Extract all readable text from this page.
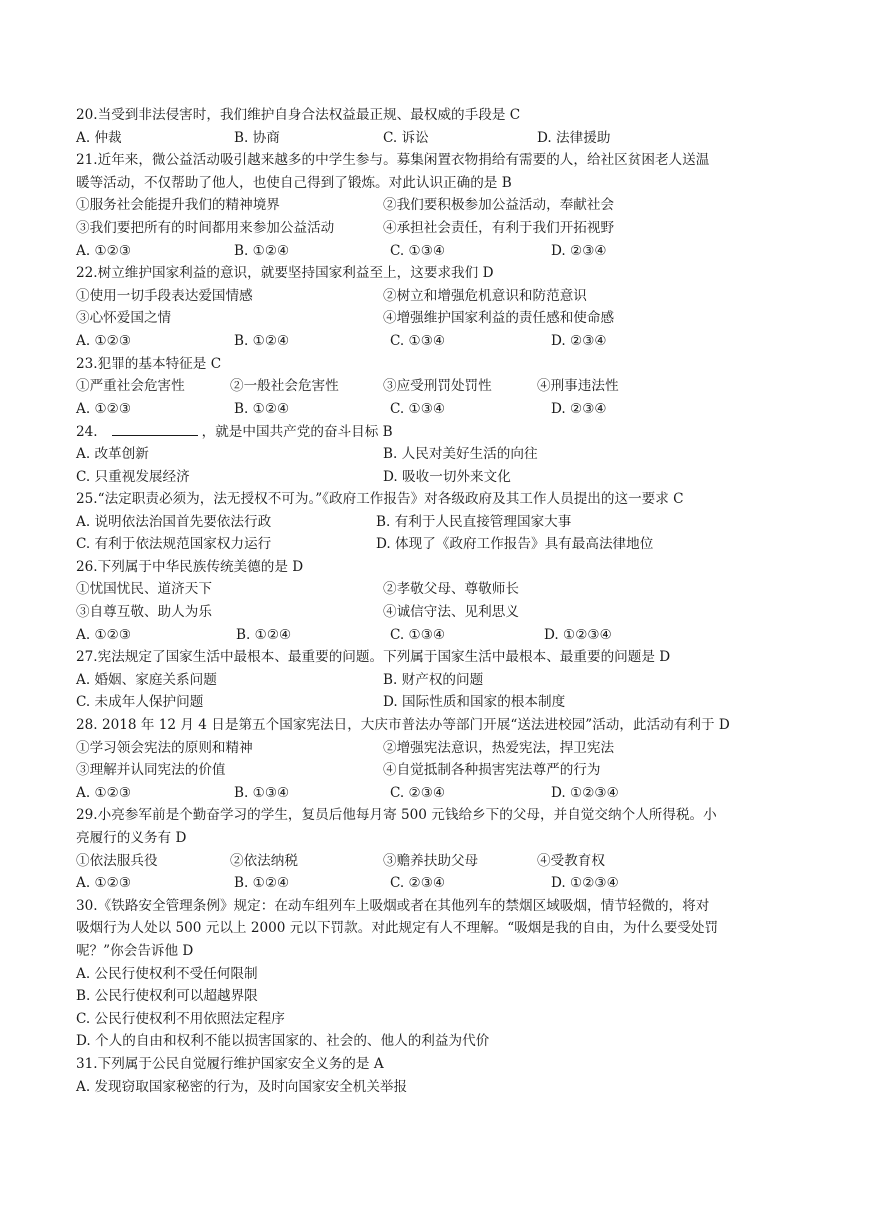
20.当受到非法侵害时，我们维护自身合法权益最正规、最权威的手段是 C
A. 仲裁	B. 协商	C. 诉讼	D. 法律援助
21.近年来，微公益活动吸引越来越多的中学生参与。募集闲置衣物捐给有需要的人，给社区贫困老人送温
暖等活动，不仅帮助了他人，也使自己得到了锻炼。对此认识正确的是 B
①服务社会能提升我们的精神境界	②我们要积极参加公益活动，奉献社会
③我们要把所有的时间都用来参加公益活动	④承担社会责任，有利于我们开拓视野
A. ①②③	B. ①②④	C. ①③④	D. ②③④
22.树立维护国家利益的意识，就要坚持国家利益至上，这要求我们 D
①使用一切手段表达爱国情感	②树立和增强危机意识和防范意识
③心怀爱国之情	④增强维护国家利益的责任感和使命感
A. ①②③	B. ①②④	C. ①③④	D. ②③④
23.犯罪的基本特征是 C
①严重社会危害性	②一般社会危害性	③应受刑罚处罚性	④刑事违法性
A. ①②③	B. ①②④	C. ①③④	D. ②③④
24.	，就是中国共产党的奋斗目标 B
A. 改革创新	B. 人民对美好生活的向往
C. 只重视发展经济	D. 吸收一切外来文化
25.“法定职责必须为，法无授权不可为。”《政府工作报告》对各级政府及其工作人员提出的这一要求 C
A. 说明依法治国首先要依法行政	B. 有利于人民直接管理国家大事
C. 有利于依法规范国家权力运行	D. 体现了《政府工作报告》具有最高法律地位
26.下列属于中华民族传统美德的是 D
①忧国忧民、道济天下	②孝敬父母、尊敬师长
③自尊互敬、助人为乐	④诚信守法、见利思义
A. ①②③	B. ①②④	C. ①③④	D. ①②③④
27.宪法规定了国家生活中最根本、最重要的问题。下列属于国家生活中最根本、最重要的问题是 D
A. 婚姻、家庭关系问题	B. 财产权的问题
C. 未成年人保护问题	D. 国际性质和国家的根本制度
28. 2018 年 12 月 4 日是第五个国家宪法日，大庆市普法办等部门开展“送法进校园”活动，此活动有利于 D
①学习领会宪法的原则和精神	②增强宪法意识，热爱宪法，捍卫宪法
③理解并认同宪法的价值	④自觉抵制各种损害宪法尊严的行为
A. ①②③	B. ①③④	C. ②③④	D. ①②③④
29.小亮参军前是个勤奋学习的学生，复员后他每月寄 500 元钱给乡下的父母，并自觉交纳个人所得税。小
亮履行的义务有 D
①依法服兵役	②依法纳税	③赡养扶助父母	④受教育权
A. ①②③	B. ①②④	C. ②③④	D. ①②③④
30.《铁路安全管理条例》规定：在动车组列车上吸烟或者在其他列车的禁烟区域吸烟，情节轻微的，将对
吸烟行为人处以 500 元以上 2000 元以下罚款。对此规定有人不理解。“吸烟是我的自由，为什么要受处罚
呢？”你会告诉他 D
A. 公民行使权利不受任何限制
B. 公民行使权利可以超越界限
C. 公民行使权利不用依照法定程序
D. 个人的自由和权利不能以损害国家的、社会的、他人的利益为代价
31.下列属于公民自觉履行维护国家安全义务的是 A
A. 发现窃取国家秘密的行为，及时向国家安全机关举报
